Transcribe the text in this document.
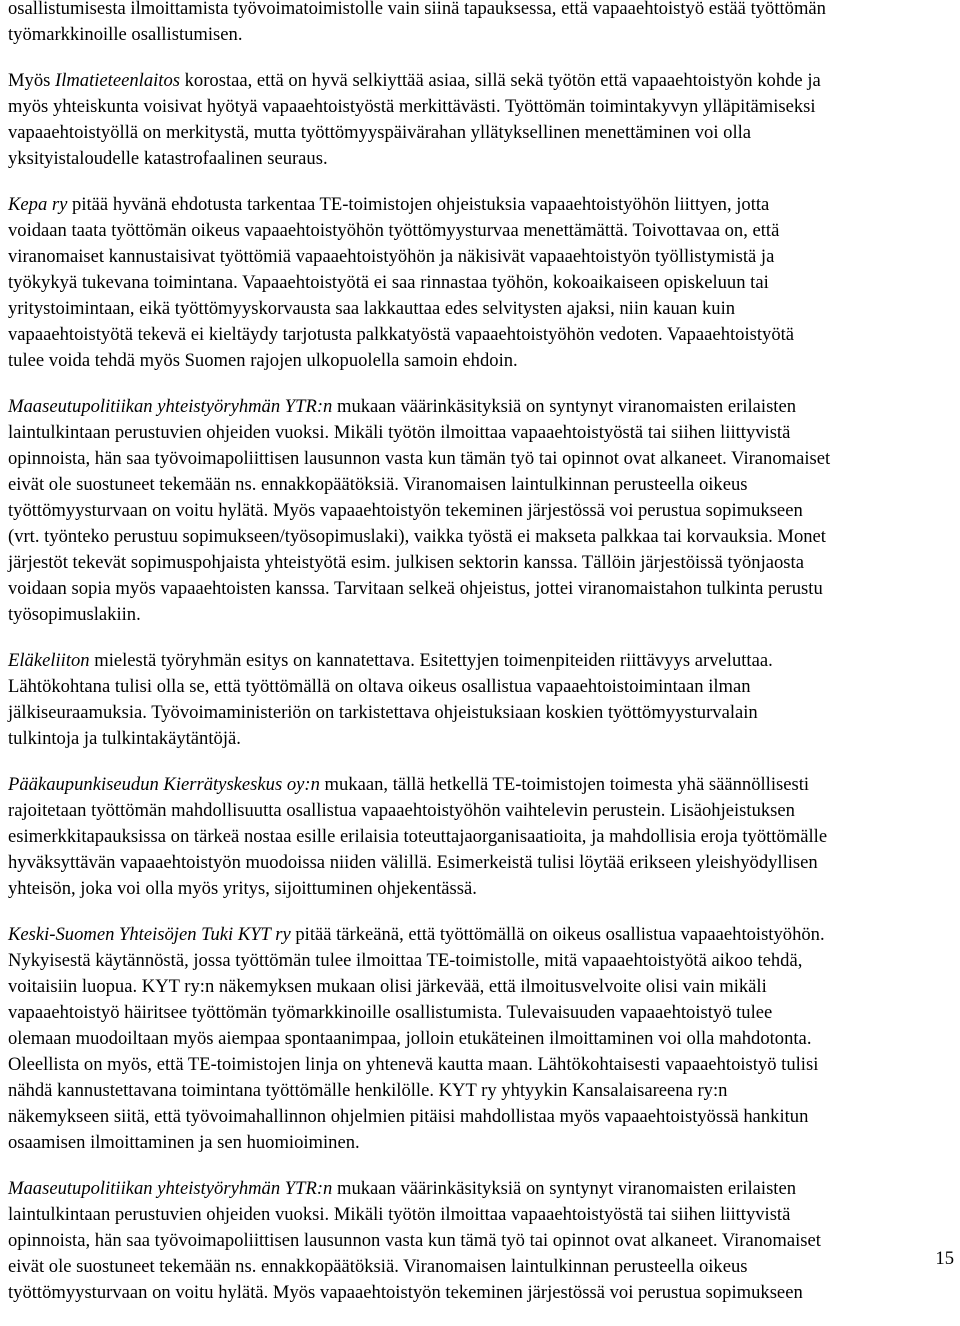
osallistumisesta ilmoittamista työvoimatoimistolle vain siinä tapauksessa, että vapaaehtoistyö estää työttömän
työmarkkinoille osallistumisen.

Myös Ilmatieteenlaitos korostaa, että on hyvä selkiyttää asiaa, sillä sekä työtön että vapaaehtoistyön kohde ja
myös yhteiskunta voisivat hyötyä vapaaehtoistyöstä merkittävästi. Työttömän toimintakyvyn ylläpitämiseksi
vapaaehtoistyöllä on merkitystä, mutta työttömyyspäivärahan yllätyksellinen menettäminen voi olla
yksityistaloudelle katastrofaalinen seuraus.

Kepa ry pitää hyvänä ehdotusta tarkentaa TE-toimistojen ohjeistuksia vapaaehtoistyöhön liittyen, jotta
voidaan taata työttömän oikeus vapaaehtoistyöhön työttömyysturvaa menettämättä. Toivottavaa on, että
viranomaiset kannustaisivat työttömiä vapaaehtoistyöhön ja näkisivät vapaaehtoistyön työllistymistä ja
työkykyä tukevana toimintana. Vapaaehtoistyötä ei saa rinnastaa työhön, kokoaikaiseen opiskeluun tai
yritystoimintaan, eikä työttömyyskorvausta saa lakkauttaa edes selvitysten ajaksi, niin kauan kuin
vapaaehtoistyötä tekevä ei kieltäydy tarjotusta palkkatyöstä vapaaehtoistyöhön vedoten. Vapaaehtoistyötä
tulee voida tehdä myös Suomen rajojen ulkopuolella samoin ehdoin.

Maaseutupolitiikan yhteistyöryhmän YTR:n mukaan väärinkäsityksiä on syntynyt viranomaisten erilaisten
laintulkintaan perustuvien ohjeiden vuoksi. Mikäli työtön ilmoittaa vapaaehtoistyöstä tai siihen liittyvistä
opinnoista, hän saa työvoimapoliittisen lausunnon vasta kun tämän työ tai opinnot ovat alkaneet. Viranomaiset
eivät ole suostuneet tekemään ns. ennakkopäätöksiä. Viranomaisen laintulkinnan perusteella oikeus
työttömyysturvaan on voitu hylätä. Myös vapaaehtoistyön tekeminen järjestössä voi perustua sopimukseen
(vrt. työnteko perustuu sopimukseen/työsopimuslaki), vaikka työstä ei makseta palkkaa tai korvauksia. Monet
järjestöt tekevät sopimuspohjaista yhteistyötä esim. julkisen sektorin kanssa. Tällöin järjestöissä työnjaosta
voidaan sopia myös vapaaehtoisten kanssa. Tarvitaan selkeä ohjeistus, jottei viranomaistahon tulkinta perustu
työsopimuslakiin.

Eläkeliiton mielestä työryhmän esitys on kannatettava. Esitettyjen toimenpiteiden riittävyys arveluttaa.
Lähtökohtana tulisi olla se, että työttömällä on oltava oikeus osallistua vapaaehtoistoimintaan ilman
jälkiseuraamuksia. Työvoimaministeriön on tarkistettava ohjeistuksiaan koskien työttömyysturvalain
tulkintoja ja tulkintakäytäntöjä.

Pääkaupunkiseudun Kierrätyskeskus oy:n mukaan, tällä hetkellä TE-toimistojen toimesta yhä säännöllisesti
rajoitetaan työttömän mahdollisuutta osallistua vapaaehtoistyöhön vaihtelevin perustein. Lisäohjeistuksen
esimerkkitapauksissa on tärkeä nostaa esille erilaisia toteuttajaorganisaatioita, ja mahdollisia eroja työttömälle
hyväksyttävän vapaaehtoistyön muodoissa niiden välillä. Esimerkeistä tulisi löytää erikseen yleishyödyllisen
yhteisön, joka voi olla myös yritys, sijoittuminen ohjekentässä.

Keski-Suomen Yhteisöjen Tuki KYT ry pitää tärkeänä, että työttömällä on oikeus osallistua vapaaehtoistyöhön.
Nykyisestä käytännöstä, jossa työttömän tulee ilmoittaa TE-toimistolle, mitä vapaaehtoistyötä aikoo tehdä,
voitaisiin luopua. KYT ry:n näkemyksen mukaan olisi järkevää, että ilmoitusvelvoite olisi vain mikäli
vapaaehtoistyö häiritsee työttömän työmarkkinoille osallistumista. Tulevaisuuden vapaaehtoistyö tulee
olemaan muodoiltaan myös aiempaa spontaanimpaa, jolloin etukäteinen ilmoittaminen voi olla mahdotonta.
Oleellista on myös, että TE-toimistojen linja on yhtenevä kautta maan. Lähtökohtaisesti vapaaehtoistyö tulisi
nähdä kannustettavana toimintana työttömälle henkilölle. KYT ry yhtyykin Kansalaisareena ry:n
näkemykseen siitä, että työvoimahallinnon ohjelmien pitäisi mahdollistaa myös vapaaehtoistyössä hankitun
osaamisen ilmoittaminen ja sen huomioiminen.

Maaseutupolitiikan yhteistyöryhmän YTR:n mukaan väärinkäsityksiä on syntynyt viranomaisten erilaisten
laintulkintaan perustuvien ohjeiden vuoksi. Mikäli työtön ilmoittaa vapaaehtoistyöstä tai siihen liittyvistä
opinnoista, hän saa työvoimapoliittisen lausunnon vasta kun tämä työ tai opinnot ovat alkaneet. Viranomaiset
eivät ole suostuneet tekemään ns. ennakkopäätöksiä. Viranomaisen laintulkinnan perusteella oikeus
työttömyysturvaan on voitu hylätä. Myös vapaaehtoistyön tekeminen järjestössä voi perustua sopimukseen

15
